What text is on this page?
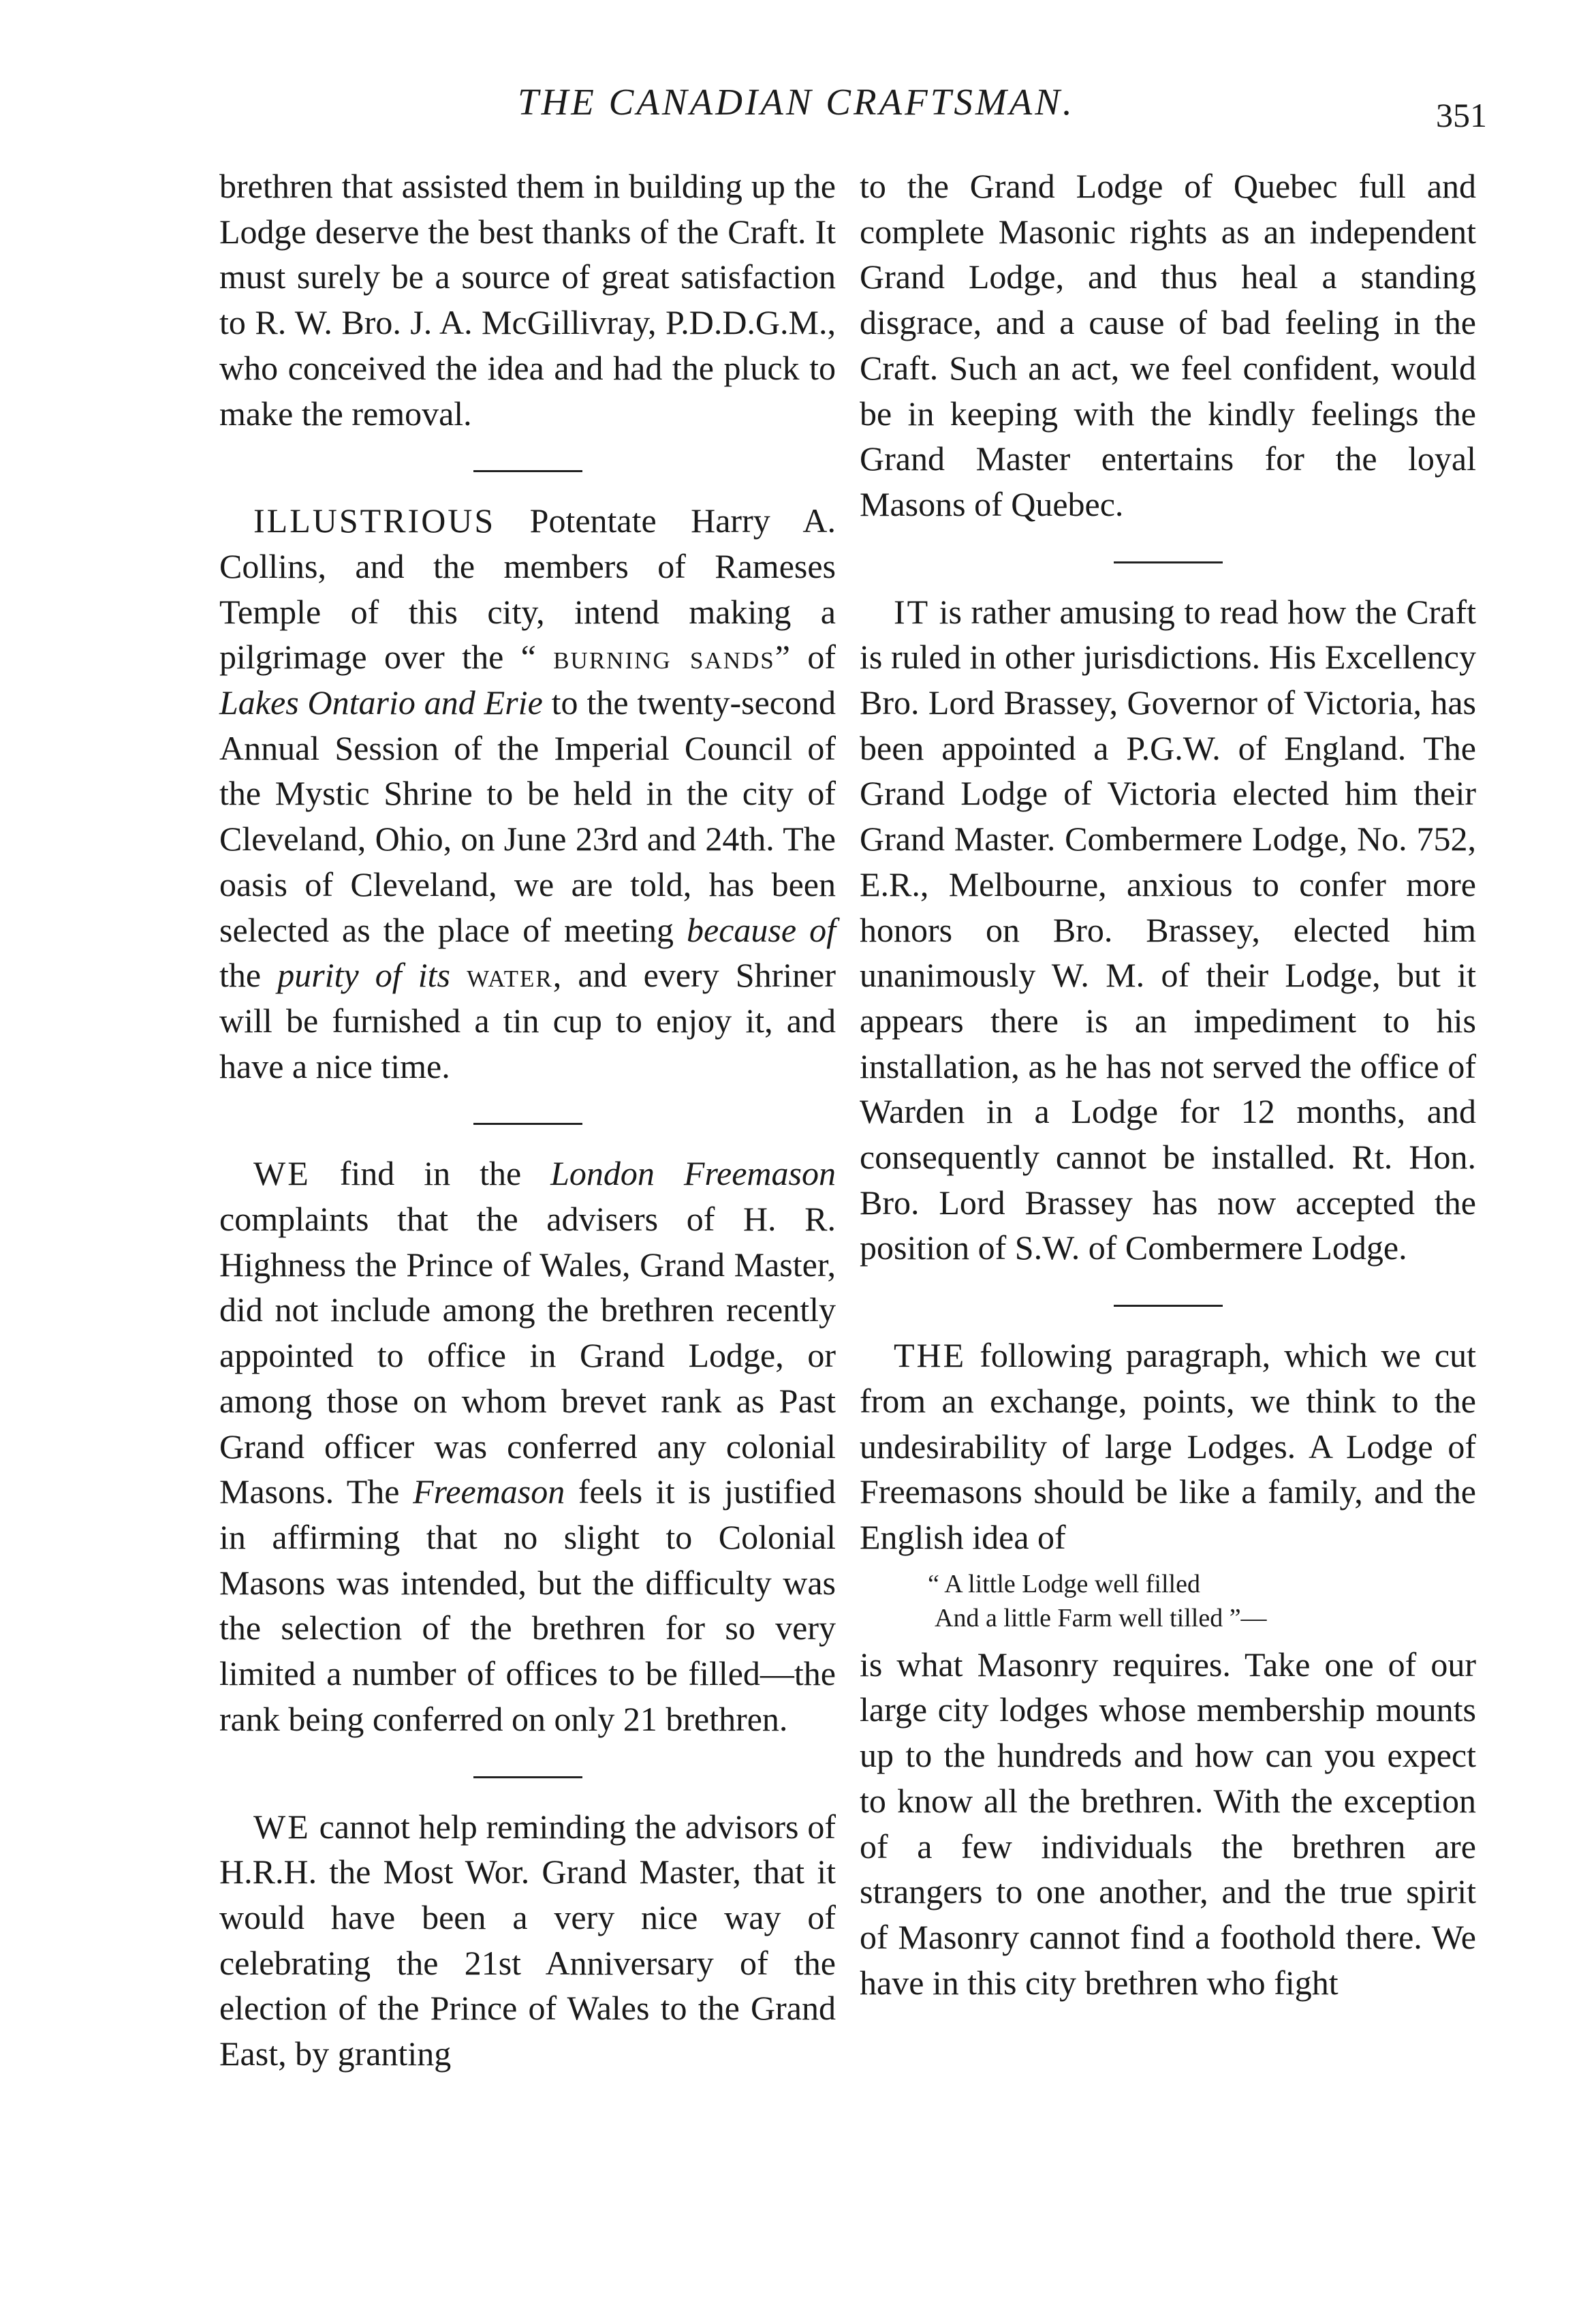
THE CANADIAN CRAFTSMAN.	351

brethren that assisted them in building up the Lodge deserve the best thanks of the Craft. It must surely be a source of great satisfaction to R. W. Bro. J. A. McGillivray, P.D.D.G.M., who conceived the idea and had the pluck to make the removal.

ILLUSTRIOUS Potentate Harry A. Collins, and the members of Rameses Temple of this city, intend making a pilgrimage over the “ burning sands” of Lakes Ontario and Erie to the twenty-second Annual Session of the Imperial Council of the Mystic Shrine to be held in the city of Cleveland, Ohio, on June 23rd and 24th. The oasis of Cleveland, we are told, has been selected as the place of meeting because of the purity of its water, and every Shriner will be furnished a tin cup to enjoy it, and have a nice time.

WE find in the London Freemason complaints that the advisers of H. R. Highness the Prince of Wales, Grand Master, did not include among the brethren recently appointed to office in Grand Lodge, or among those on whom brevet rank as Past Grand officer was conferred any colonial Masons. The Freemason feels it is justified in affirming that no slight to Colonial Masons was intended, but the difficulty was the selection of the brethren for so very limited a number of offices to be filled—the rank being conferred on only 21 brethren.

WE cannot help reminding the advisors of H.R.H. the Most Wor. Grand Master, that it would have been a very nice way of celebrating the 21st Anniversary of the election of the Prince of Wales to the Grand East, by granting

to the Grand Lodge of Quebec full and complete Masonic rights as an independent Grand Lodge, and thus heal a standing disgrace, and a cause of bad feeling in the Craft. Such an act, we feel confident, would be in keeping with the kindly feelings the Grand Master entertains for the loyal Masons of Quebec.

IT is rather amusing to read how the Craft is ruled in other jurisdictions. His Excellency Bro. Lord Brassey, Governor of Victoria, has been appointed a P.G.W. of England. The Grand Lodge of Victoria elected him their Grand Master. Combermere Lodge, No. 752, E.R., Melbourne, anxious to confer more honors on Bro. Brassey, elected him unanimously W. M. of their Lodge, but it appears there is an impediment to his installation, as he has not served the office of Warden in a Lodge for 12 months, and consequently cannot be installed. Rt. Hon. Bro. Lord Brassey has now accepted the position of S.W. of Combermere Lodge.

THE following paragraph, which we cut from an exchange, points, we think to the undesirability of large Lodges. A Lodge of Freemasons should be like a family, and the English idea of

“ A little Lodge well filled
And a little Farm well tilled ”—

is what Masonry requires. Take one of our large city lodges whose membership mounts up to the hundreds and how can you expect to know all the brethren. With the exception of a few individuals the brethren are strangers to one another, and the true spirit of Masonry cannot find a foothold there. We have in this city brethren who fight
